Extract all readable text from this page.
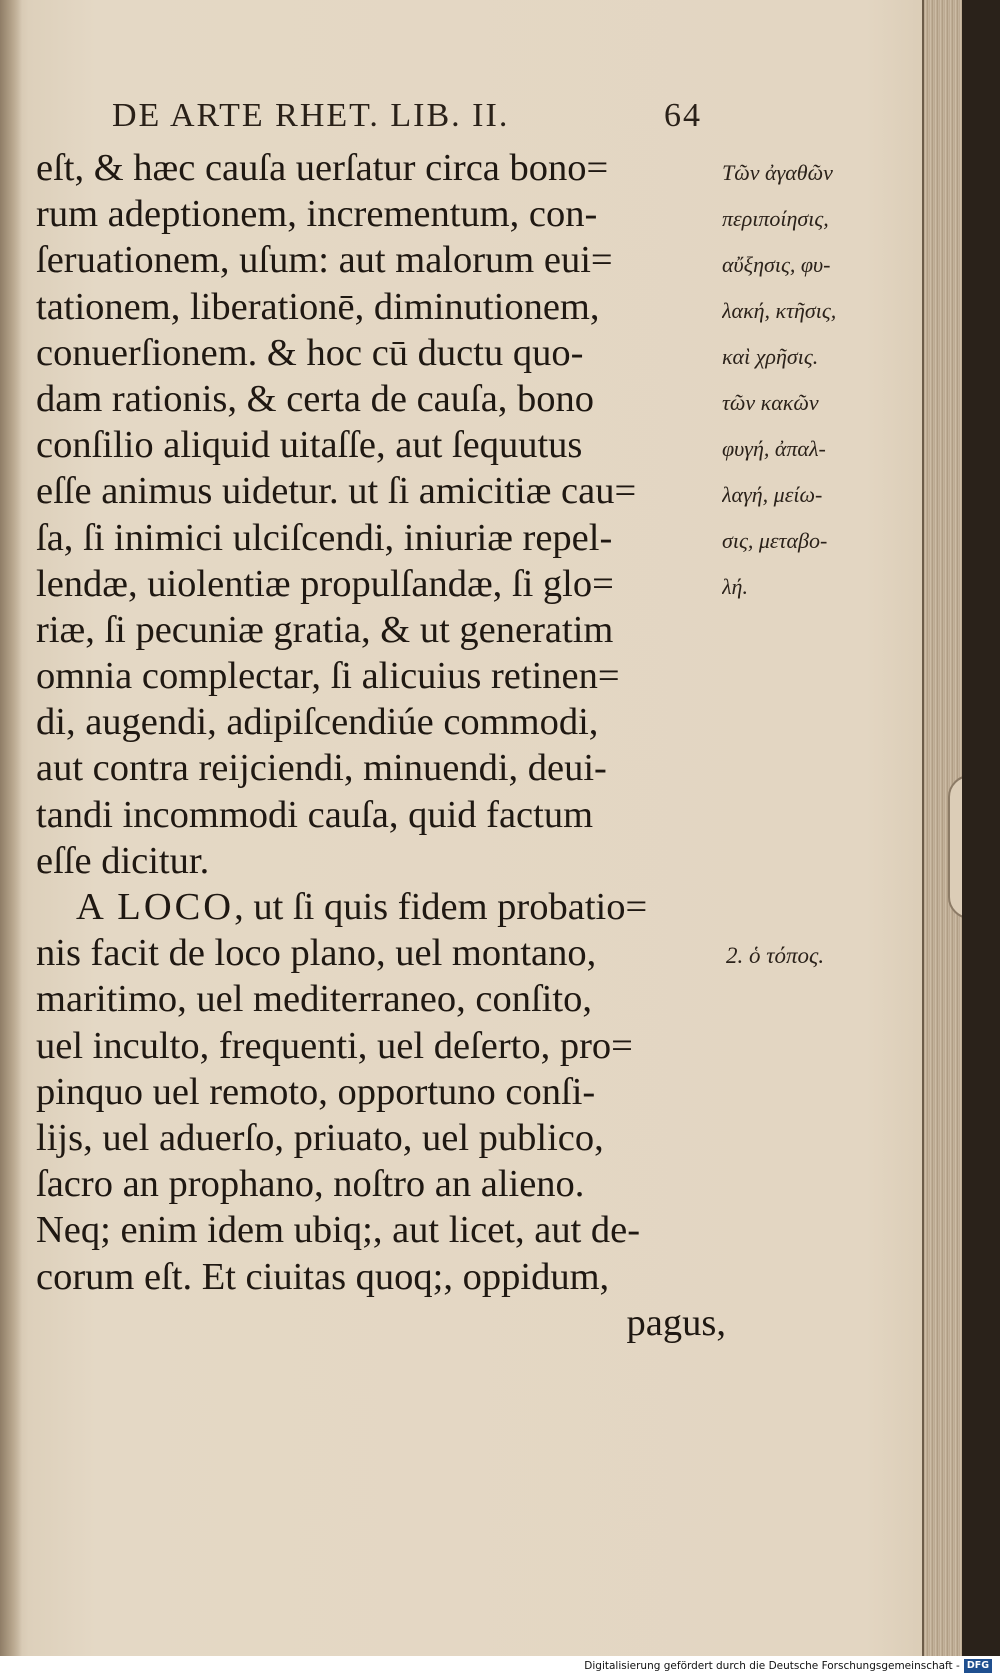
DE ARTE RHET. LIB. II.	64
eſt, & hæc cauſa uerſatur circa bono=
rum adeptionem, incrementum, con-
ſeruationem, uſum: aut malorum eui=
tationem, liberationē, diminutionem,
conuerſionem. & hoc cū ductu quo-
dam rationis, & certa de cauſa, bono
conſilio aliquid uitaſſe, aut ſequutus
eſſe animus uidetur. ut ſi amicitiæ cau=
ſa, ſi inimici ulciſcendi, iniuriæ repel-
lendæ, uiolentiæ propulſandæ, ſi glo=
riæ, ſi pecuniæ gratia, & ut generatim
omnia complectar, ſi alicuius retinen=
di, augendi, adipiſcendiúe commodi,
aut contra reijciendi, minuendi, deui-
tandi incommodi cauſa, quid factum
eſſe dicitur.
A LOCO, ut ſi quis fidem probatio=
nis facit de loco plano, uel montano,
maritimo, uel mediterraneo, conſito,
uel inculto, frequenti, uel deſerto, pro=
pinquo uel remoto, opportuno conſi-
lijs, uel aduerſo, priuato, uel publico,
ſacro an prophano, noſtro an alieno.
Neq; enim idem ubiq;, aut licet, aut de-
corum eſt. Et ciuitas quoq;, oppidum,
pagus,
Τῶν ἀγαθῶν
περιποίησις,
αὔξησις, φυ-
λακή, κτῆσις,
καὶ χρῆσις.
τῶν κακῶν
φυγή, ἀπαλ-
λαγή, μείω-
σις, μεταβο-
λή.
2. ὁ τόπος.
Digitalisierung gefördert durch die Deutsche Forschungsgemeinschaft - DFG
